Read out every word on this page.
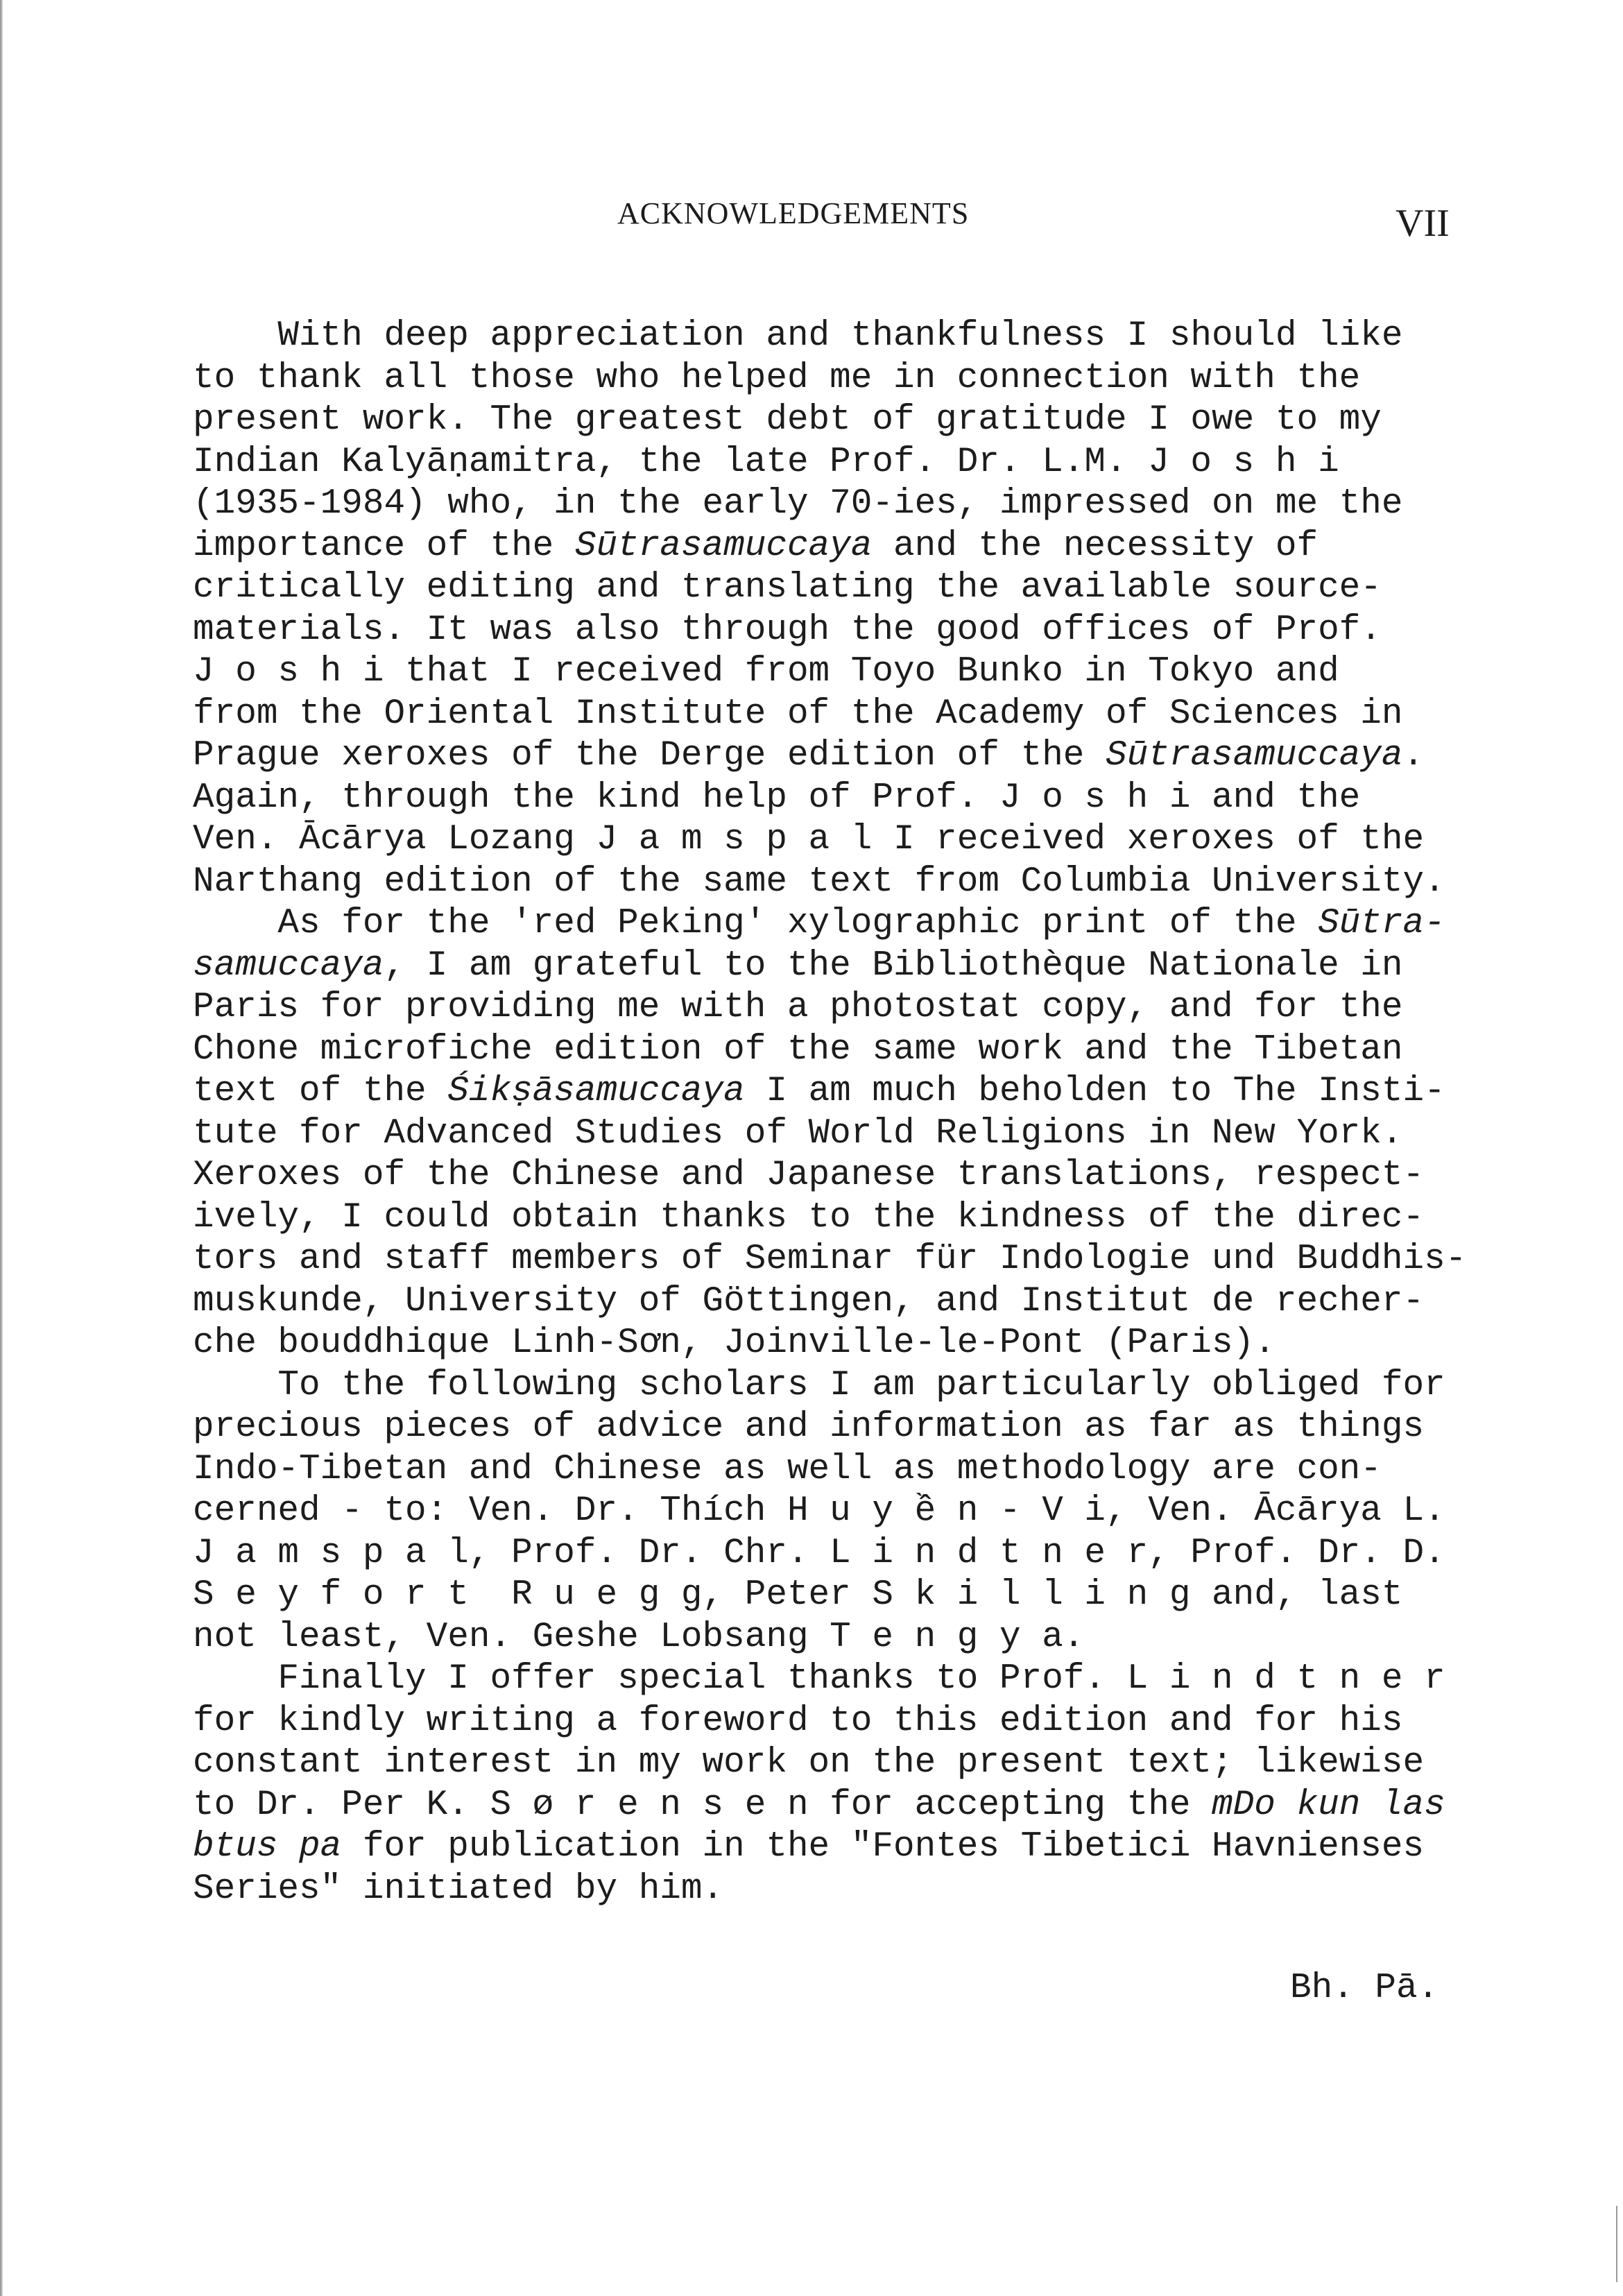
ACKNOWLEDGEMENTS	VII
With deep appreciation and thankfulness I should like
to thank all those who helped me in connection with the
present work. The greatest debt of gratitude I owe to my
Indian Kalyāṇamitra, the late Prof. Dr. L.M. J o s h i
(1935-1984) who, in the early 70-ies, impressed on me the
importance of the Sūtrasamuccaya and the necessity of
critically editing and translating the available source-
materials. It was also through the good offices of Prof.
J o s h i that I received from Toyo Bunko in Tokyo and
from the Oriental Institute of the Academy of Sciences in
Prague xeroxes of the Derge edition of the Sūtrasamuccaya.
Again, through the kind help of Prof. J o s h i and the
Ven. Ācārya Lozang J a m s p a l I received xeroxes of the
Narthang edition of the same text from Columbia University.
As for the 'red Peking' xylographic print of the Sūtra-
samuccaya, I am grateful to the Bibliothèque Nationale in
Paris for providing me with a photostat copy, and for the
Chone microfiche edition of the same work and the Tibetan
text of the Śikṣāsamuccaya I am much beholden to The Insti-
tute for Advanced Studies of World Religions in New York.
Xeroxes of the Chinese and Japanese translations, respect-
ively, I could obtain thanks to the kindness of the direc-
tors and staff members of Seminar für Indologie und Buddhis-
muskunde, University of Göttingen, and Institut de recher-
che bouddhique Linh-Sơn, Joinville-le-Pont (Paris).
To the following scholars I am particularly obliged for
precious pieces of advice and information as far as things
Indo-Tibetan and Chinese as well as methodology are con-
cerned - to: Ven. Dr. Thích H u y ề n - V i, Ven. Ācārya L.
J a m s p a l, Prof. Dr. Chr. L i n d t n e r, Prof. Dr. D.
S e y f o r t  R u e g g, Peter S k i l l i n g and, last
not least, Ven. Geshe Lobsang T e n g y a.
Finally I offer special thanks to Prof. L i n d t n e r
for kindly writing a foreword to this edition and for his
constant interest in my work on the present text; likewise
to Dr. Per K. S ø r e n s e n for accepting the mDo kun las
btus pa for publication in the "Fontes Tibetici Havnienses
Series" initiated by him.
Bh. Pā.
